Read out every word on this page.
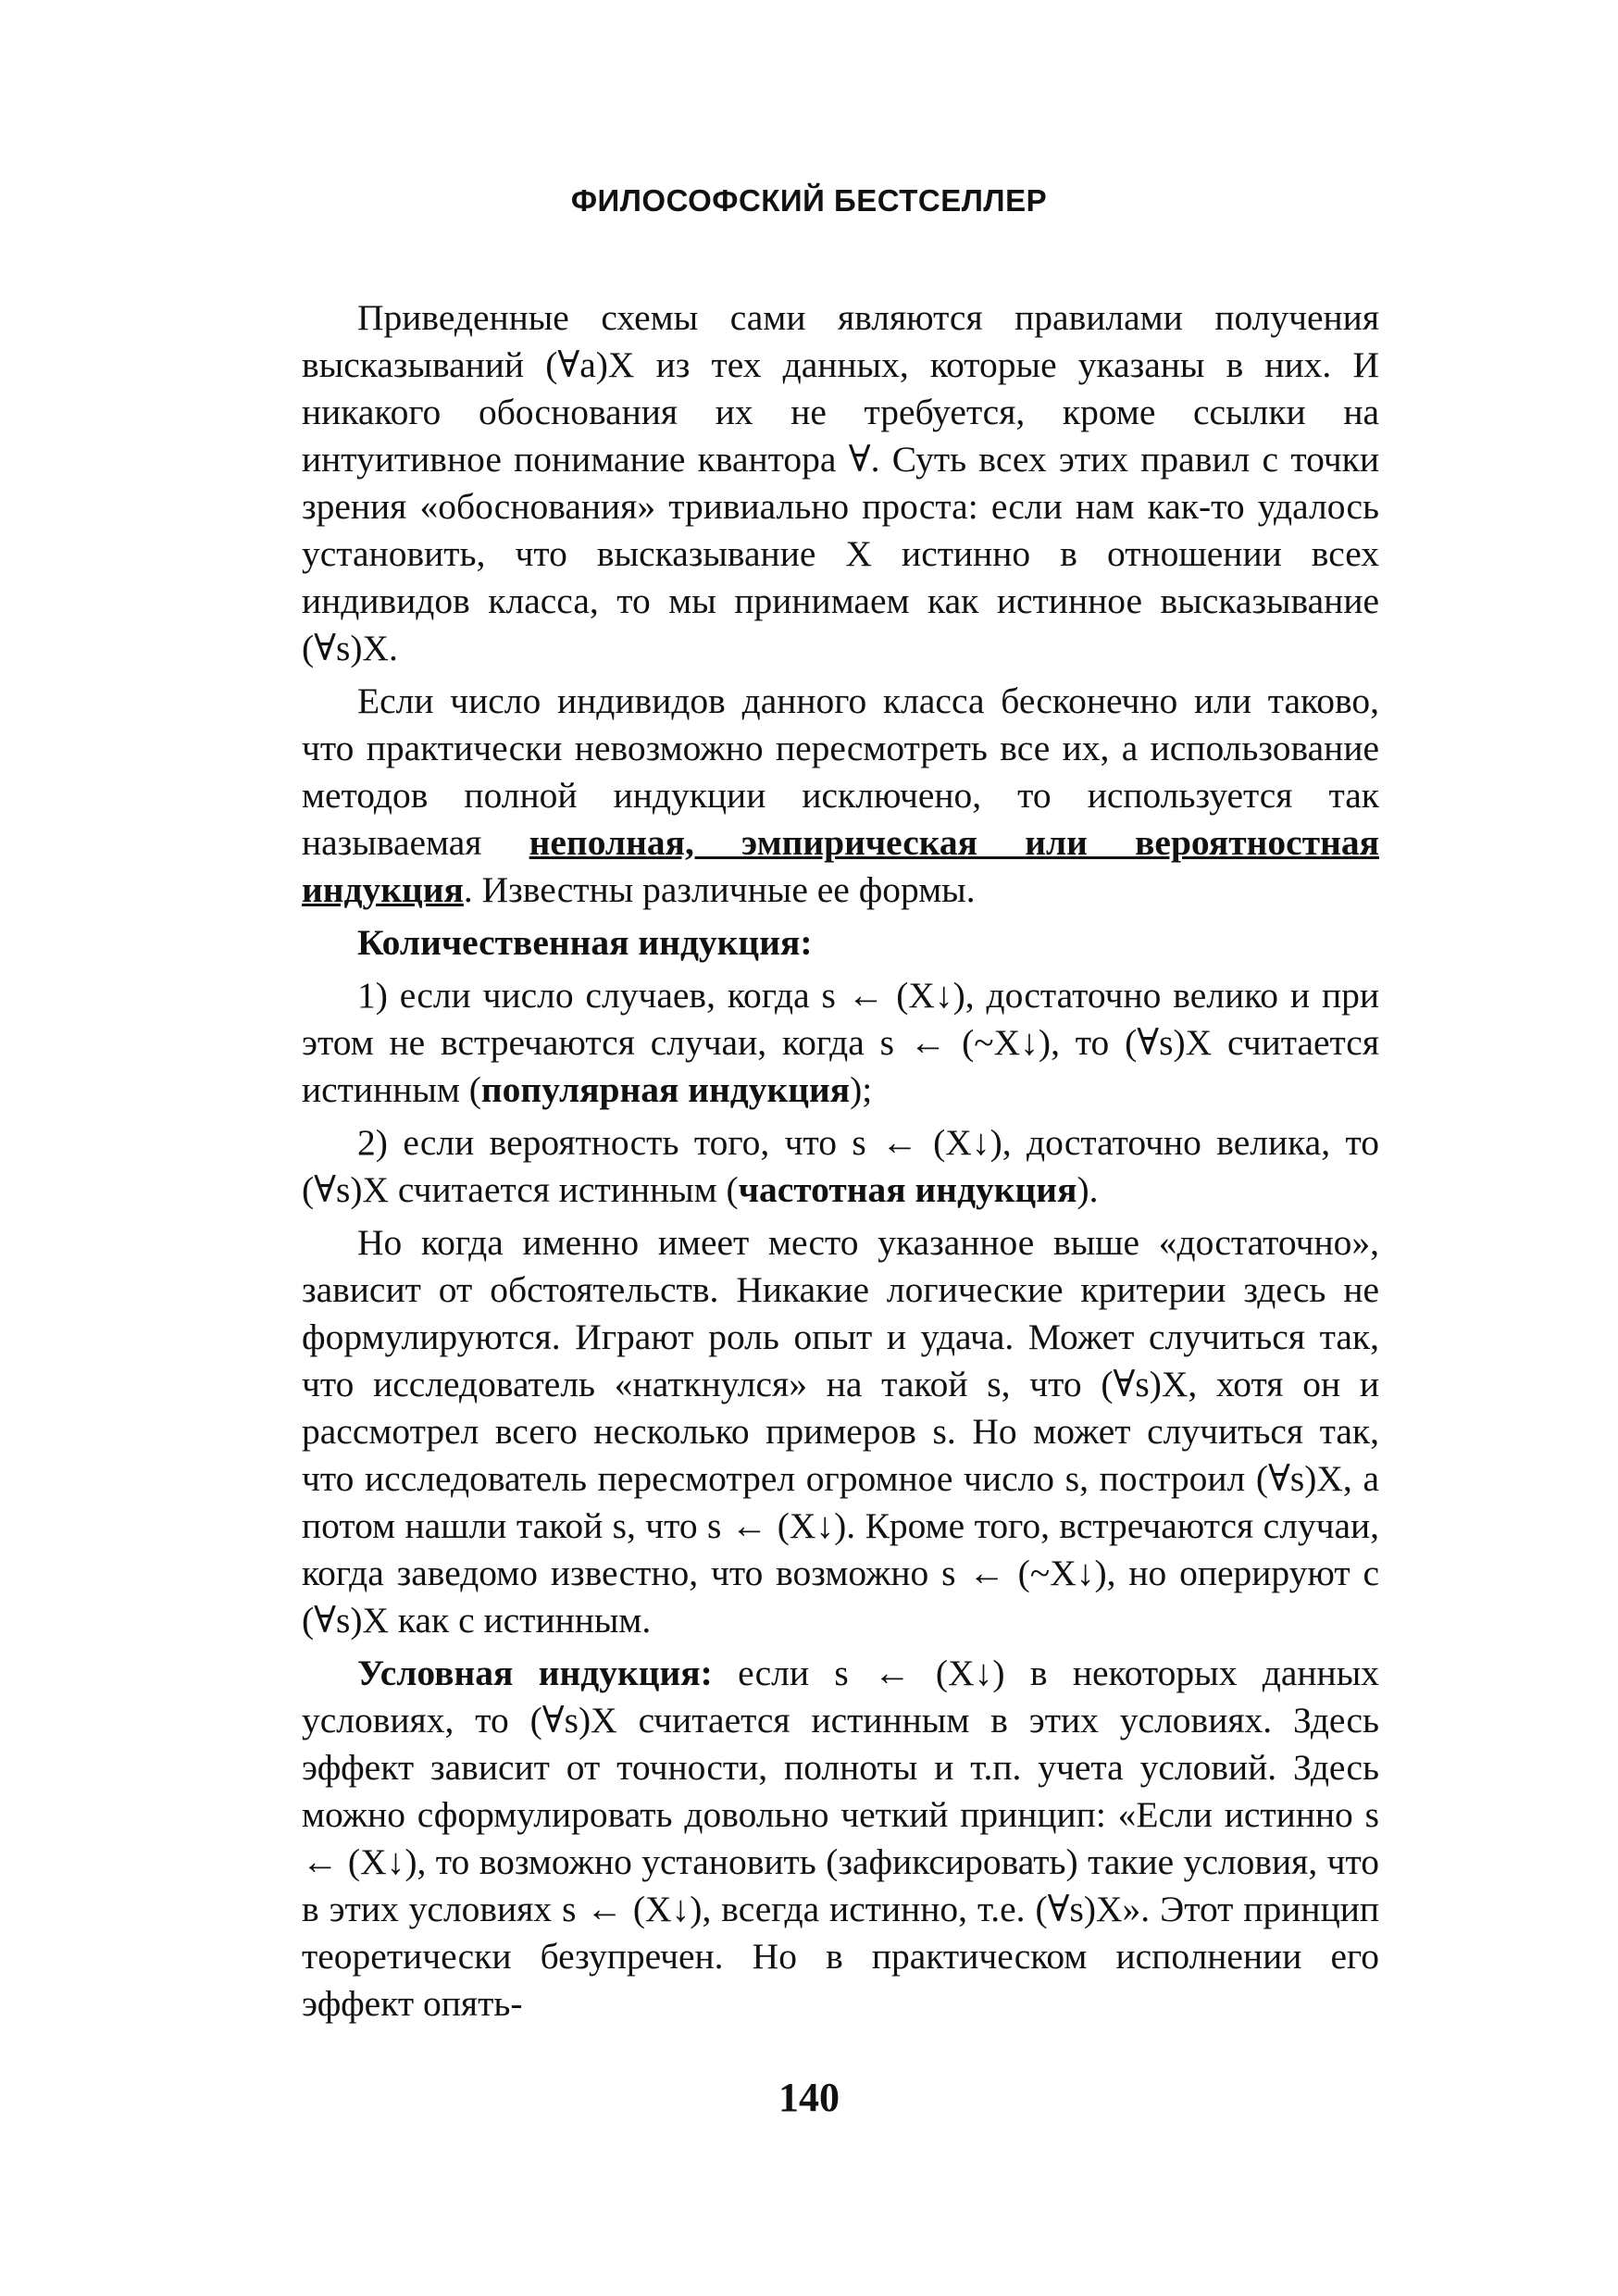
ФИЛОСОФСКИЙ БЕСТСЕЛЛЕР

Приведенные схемы сами являются правилами получения высказываний (∀a)X из тех данных, которые указаны в них. И никакого обоснования их не требуется, кроме ссылки на интуитивное понимание квантора ∀. Суть всех этих правил с точки зрения «обоснования» тривиально проста: если нам как-то удалось установить, что высказывание X истинно в отношении всех индивидов класса, то мы принимаем как истинное высказывание (∀s)X.

Если число индивидов данного класса бесконечно или таково, что практически невозможно пересмотреть все их, а использование методов полной индукции исключено, то используется так называемая неполная, эмпирическая или вероятностная индукция. Известны различные ее формы.

Количественная индукция:

1) если число случаев, когда s ← (X↓), достаточно велико и при этом не встречаются случаи, когда s ← (~X↓), то (∀s)X считается истинным (популярная индукция);

2) если вероятность того, что s ← (X↓), достаточно велика, то (∀s)X считается истинным (частотная индукция).

Но когда именно имеет место указанное выше «достаточно», зависит от обстоятельств. Никакие логические критерии здесь не формулируются. Играют роль опыт и удача. Может случиться так, что исследователь «наткнулся» на такой s, что (∀s)X, хотя он и рассмотрел всего несколько примеров s. Но может случиться так, что исследователь пересмотрел огромное число s, построил (∀s)X, а потом нашли такой s, что s ← (X↓). Кроме того, встречаются случаи, когда заведомо известно, что возможно s ← (~X↓), но оперируют с (∀s)X как с истинным.

Условная индукция: если s ← (X↓) в некоторых данных условиях, то (∀s)X считается истинным в этих условиях. Здесь эффект зависит от точности, полноты и т.п. учета условий. Здесь можно сформулировать довольно четкий принцип: «Если истинно s ← (X↓), то возможно установить (зафиксировать) такие условия, что в этих условиях s ← (X↓), всегда истинно, т.е. (∀s)X». Этот принцип теоретически безупречен. Но в практическом исполнении его эффект опять-

140
